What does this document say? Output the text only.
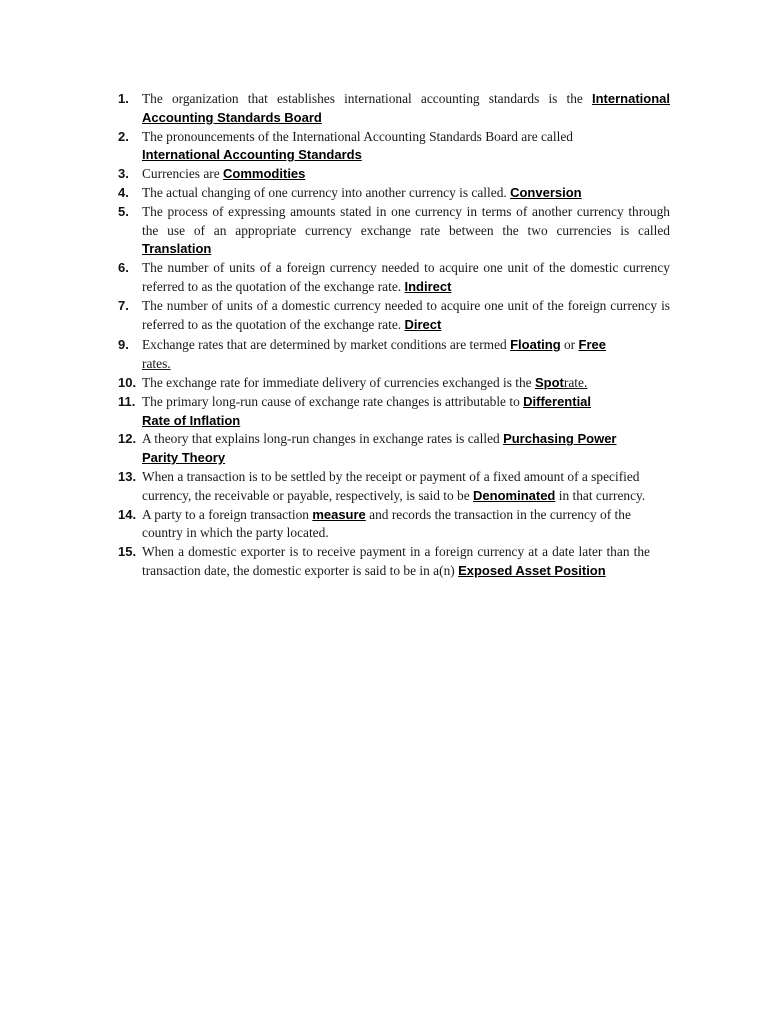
1. The organization that establishes international accounting standards is the International Accounting Standards Board
2. The pronouncements of the International Accounting Standards Board are called
International Accounting Standards
3. Currencies are Commodities
4. The actual changing of one currency into another currency is called. Conversion
5. The process of expressing amounts stated in one currency in terms of another currency through the use of an appropriate currency exchange rate between the two currencies is called Translation
6. The number of units of a foreign currency needed to acquire one unit of the domestic currency referred to as the quotation of the exchange rate. Indirect
7. The number of units of a domestic currency needed to acquire one unit of the foreign currency is referred to as the quotation of the exchange rate. Direct
9. Exchange rates that are determined by market conditions are termed Floating or Free
rates.
10. The exchange rate for immediate delivery of currencies exchanged is the Spotrate.
11. The primary long-run cause of exchange rate changes is attributable to Differential Rate of Inflation
12. A theory that explains long-run changes in exchange rates is called Purchasing Power Parity Theory
13. When a transaction is to be settled by the receipt or payment of a fixed amount of a specified currency, the receivable or payable, respectively, is said to be Denominated in that currency.
14. A party to a foreign transaction measure and records the transaction in the currency of the country in which the party located.
15. When a domestic exporter is to receive payment in a foreign currency at a date later than the transaction date, the domestic exporter is said to be in a(n) Exposed Asset Position
